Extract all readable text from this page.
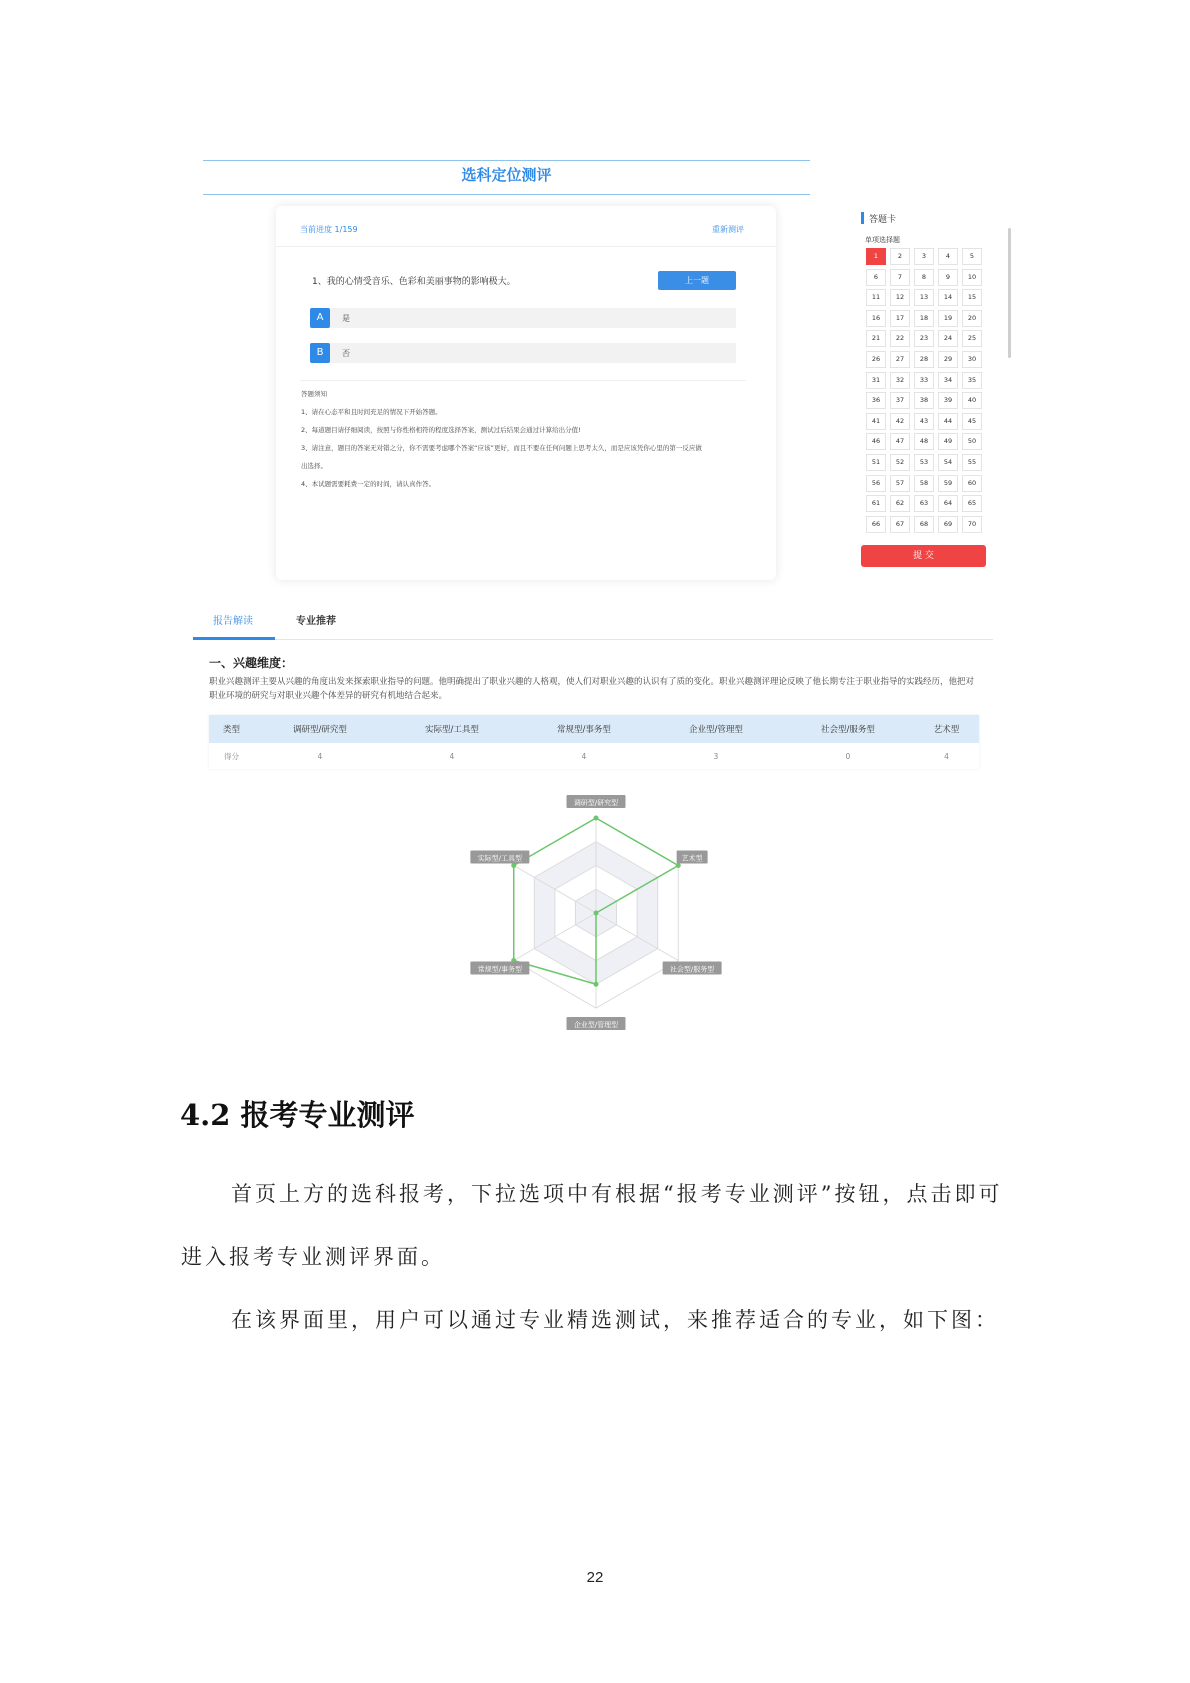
选科定位测评
当前进度 1/159	重新测评
1、我的心情受音乐、色彩和美丽事物的影响极大。	上一题
A	是
B	否
答题须知
1、请在心态平和且时间充足的情况下开始答题。
2、每道题目请仔细阅读，按照与你性格相符的程度选择答案，测试过后结果会通过计算给出分值!
3、请注意，题目的答案无对错之分，你不需要考虑哪个答案“应该”更好，而且不要在任何问题上思考太久，而是应该凭你心里的第一反应做
出选择。
4、本试题需要耗费一定的时间，请认真作答。
答题卡
单项选择题
1	2	3	4	5
6	7	8	9	10
11	12	13	14	15
16	17	18	19	20
21	22	23	24	25
26	27	28	29	30
31	32	33	34	35
36	37	38	39	40
41	42	43	44	45
46	47	48	49	50
51	52	53	54	55
56	57	58	59	60
61	62	63	64	65
66	67	68	69	70
提 交
报告解读	专业推荐
一、兴趣维度：
职业兴趣测评主要从兴趣的角度出发来探索职业指导的问题。他明确提出了职业兴趣的人格观，使人们对职业兴趣的认识有了质的变化。职业兴趣测评理论反映了他长期专注于职业指导的实践经历，他把对职业环境的研究与对职业兴趣个体差异的研究有机地结合起来。
类型	调研型/研究型	实际型/工具型	常规型/事务型	企业型/管理型	社会型/服务型	艺术型
得分	4	4	4	3	0	4
调研型/研究型
艺术型
社会型/服务型
企业型/管理型
常规型/事务型
实际型/工具型
4.2 报考专业测评
首页上方的选科报考，下拉选项中有根据“报考专业测评”按钮，点击即可
进入报考专业测评界面。
在该界面里，用户可以通过专业精选测试，来推荐适合的专业，如下图：
22
